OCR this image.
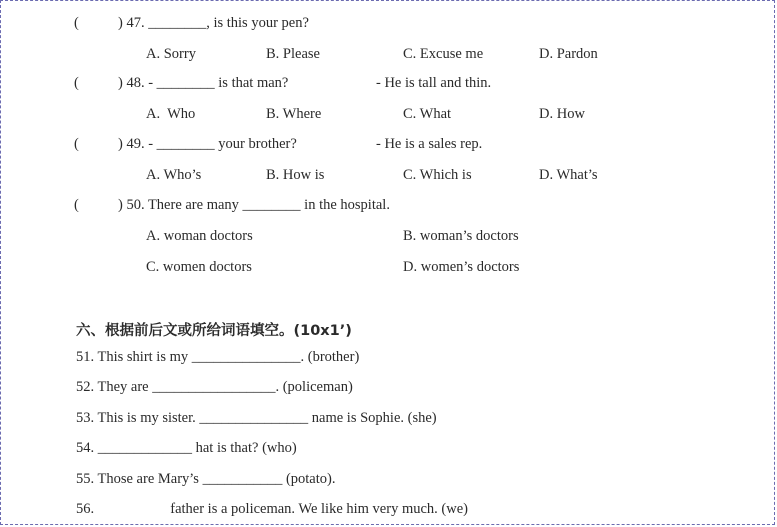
(	) 47. ________, is this your pen?
A. Sorry	B. Please	C. Excuse me	D. Pardon
(	) 48. - ________ is that man?	- He is tall and thin.
A.  Who	B. Where	C. What	D. How
(	) 49. - ________ your brother?	- He is a sales rep.
A. Who’s	B. How is	C. Which is	D. What’s
(	) 50. There are many ________ in the hospital.
A. woman doctors	B. woman’s doctors
C. women doctors	D. women’s doctors
六、根据前后文或所给词语填空。(10x1’)
51. This shirt is my _______________. (brother)
52. They are _________________. (policeman)
53. This is my sister. _______________ name is Sophie. (she)
54. _____________ hat is that? (who)
55. Those are Mary’s ___________ (potato).
56.                     father is a policeman. We like him very much. (we)
